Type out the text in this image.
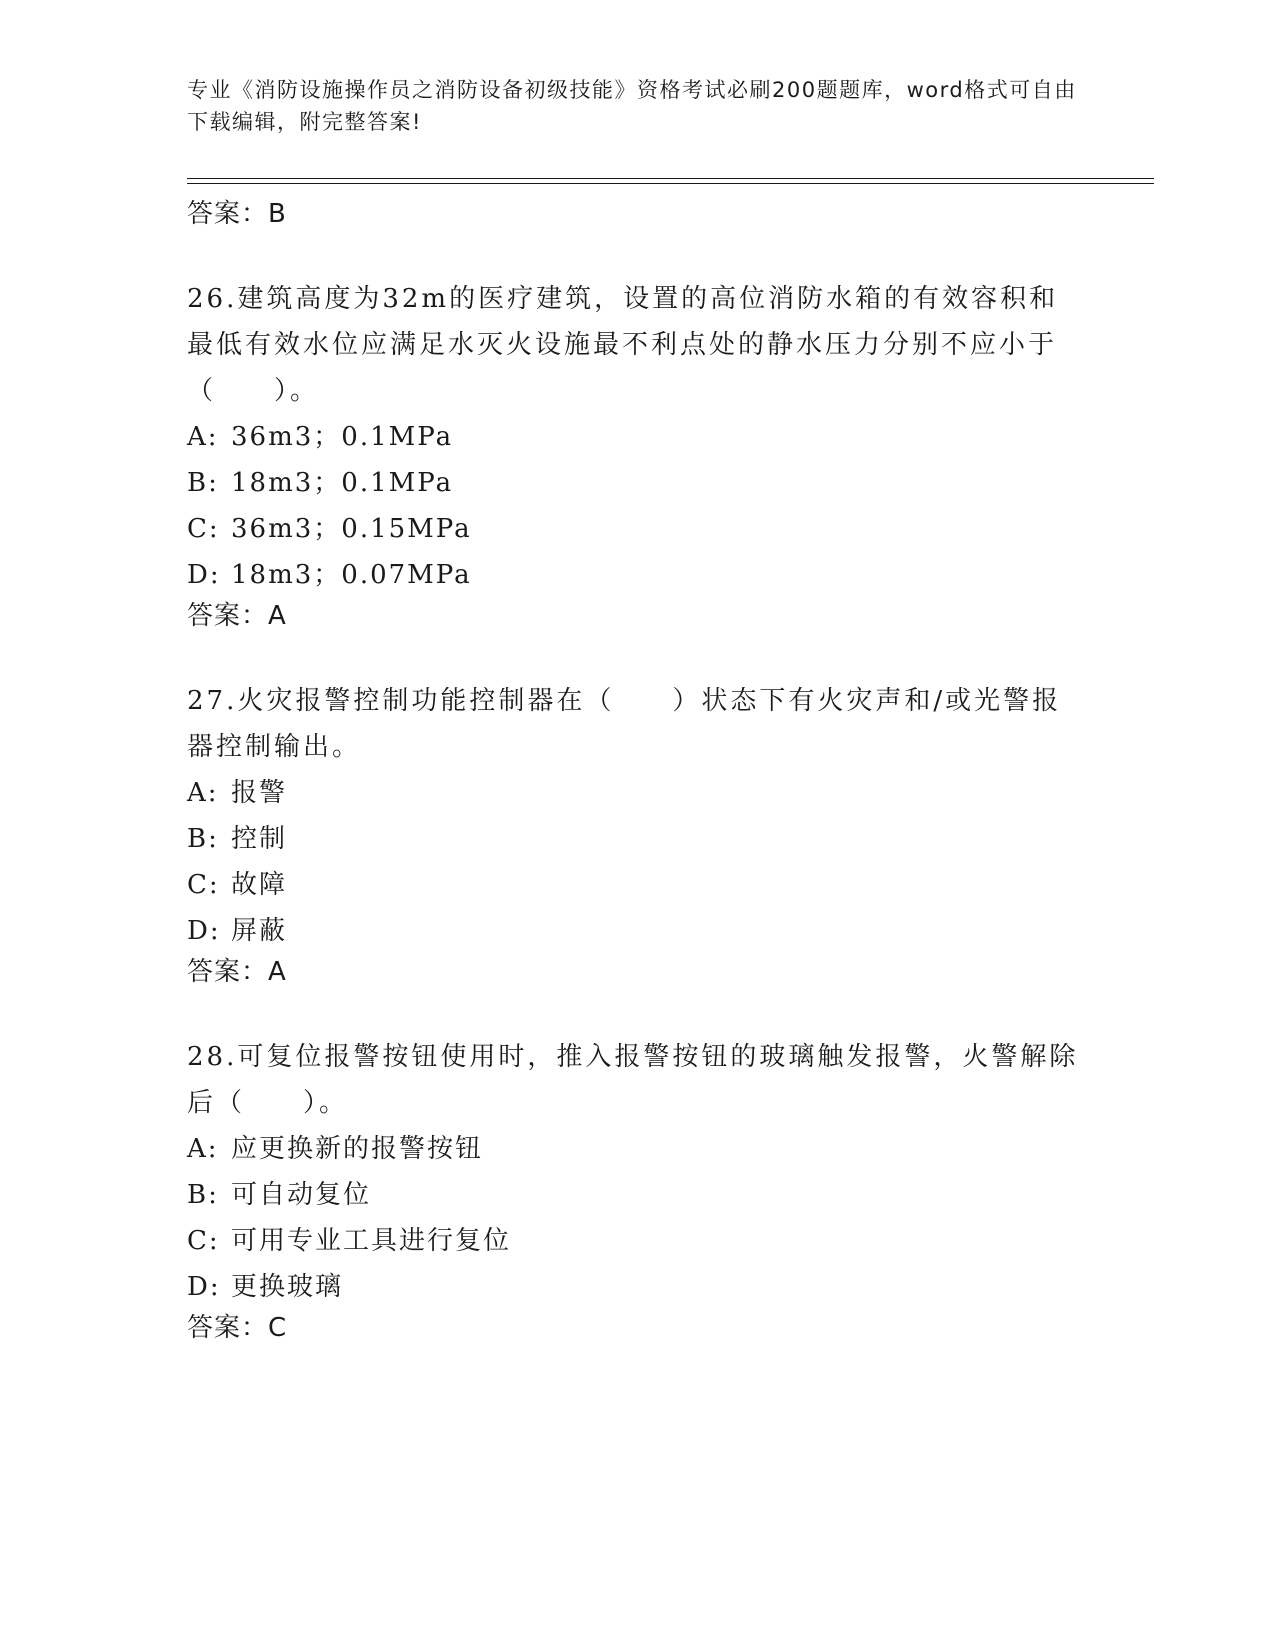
专业《消防设施操作员之消防设备初级技能》资格考试必刷200题题库，word格式可自由下载编辑，附完整答案!
答案：B
26.建筑高度为32m的医疗建筑，设置的高位消防水箱的有效容积和最低有效水位应满足水灭火设施最不利点处的静水压力分别不应小于（　　）。
A: 36m3；0.1MPa
B: 18m3；0.1MPa
C: 36m3；0.15MPa
D: 18m3；0.07MPa
答案：A
27.火灾报警控制功能控制器在（　　）状态下有火灾声和/或光警报器控制输出。
A: 报警
B: 控制
C: 故障
D: 屏蔽
答案：A
28.可复位报警按钮使用时，推入报警按钮的玻璃触发报警，火警解除后（　　）。
A: 应更换新的报警按钮
B: 可自动复位
C: 可用专业工具进行复位
D: 更换玻璃
答案：C
